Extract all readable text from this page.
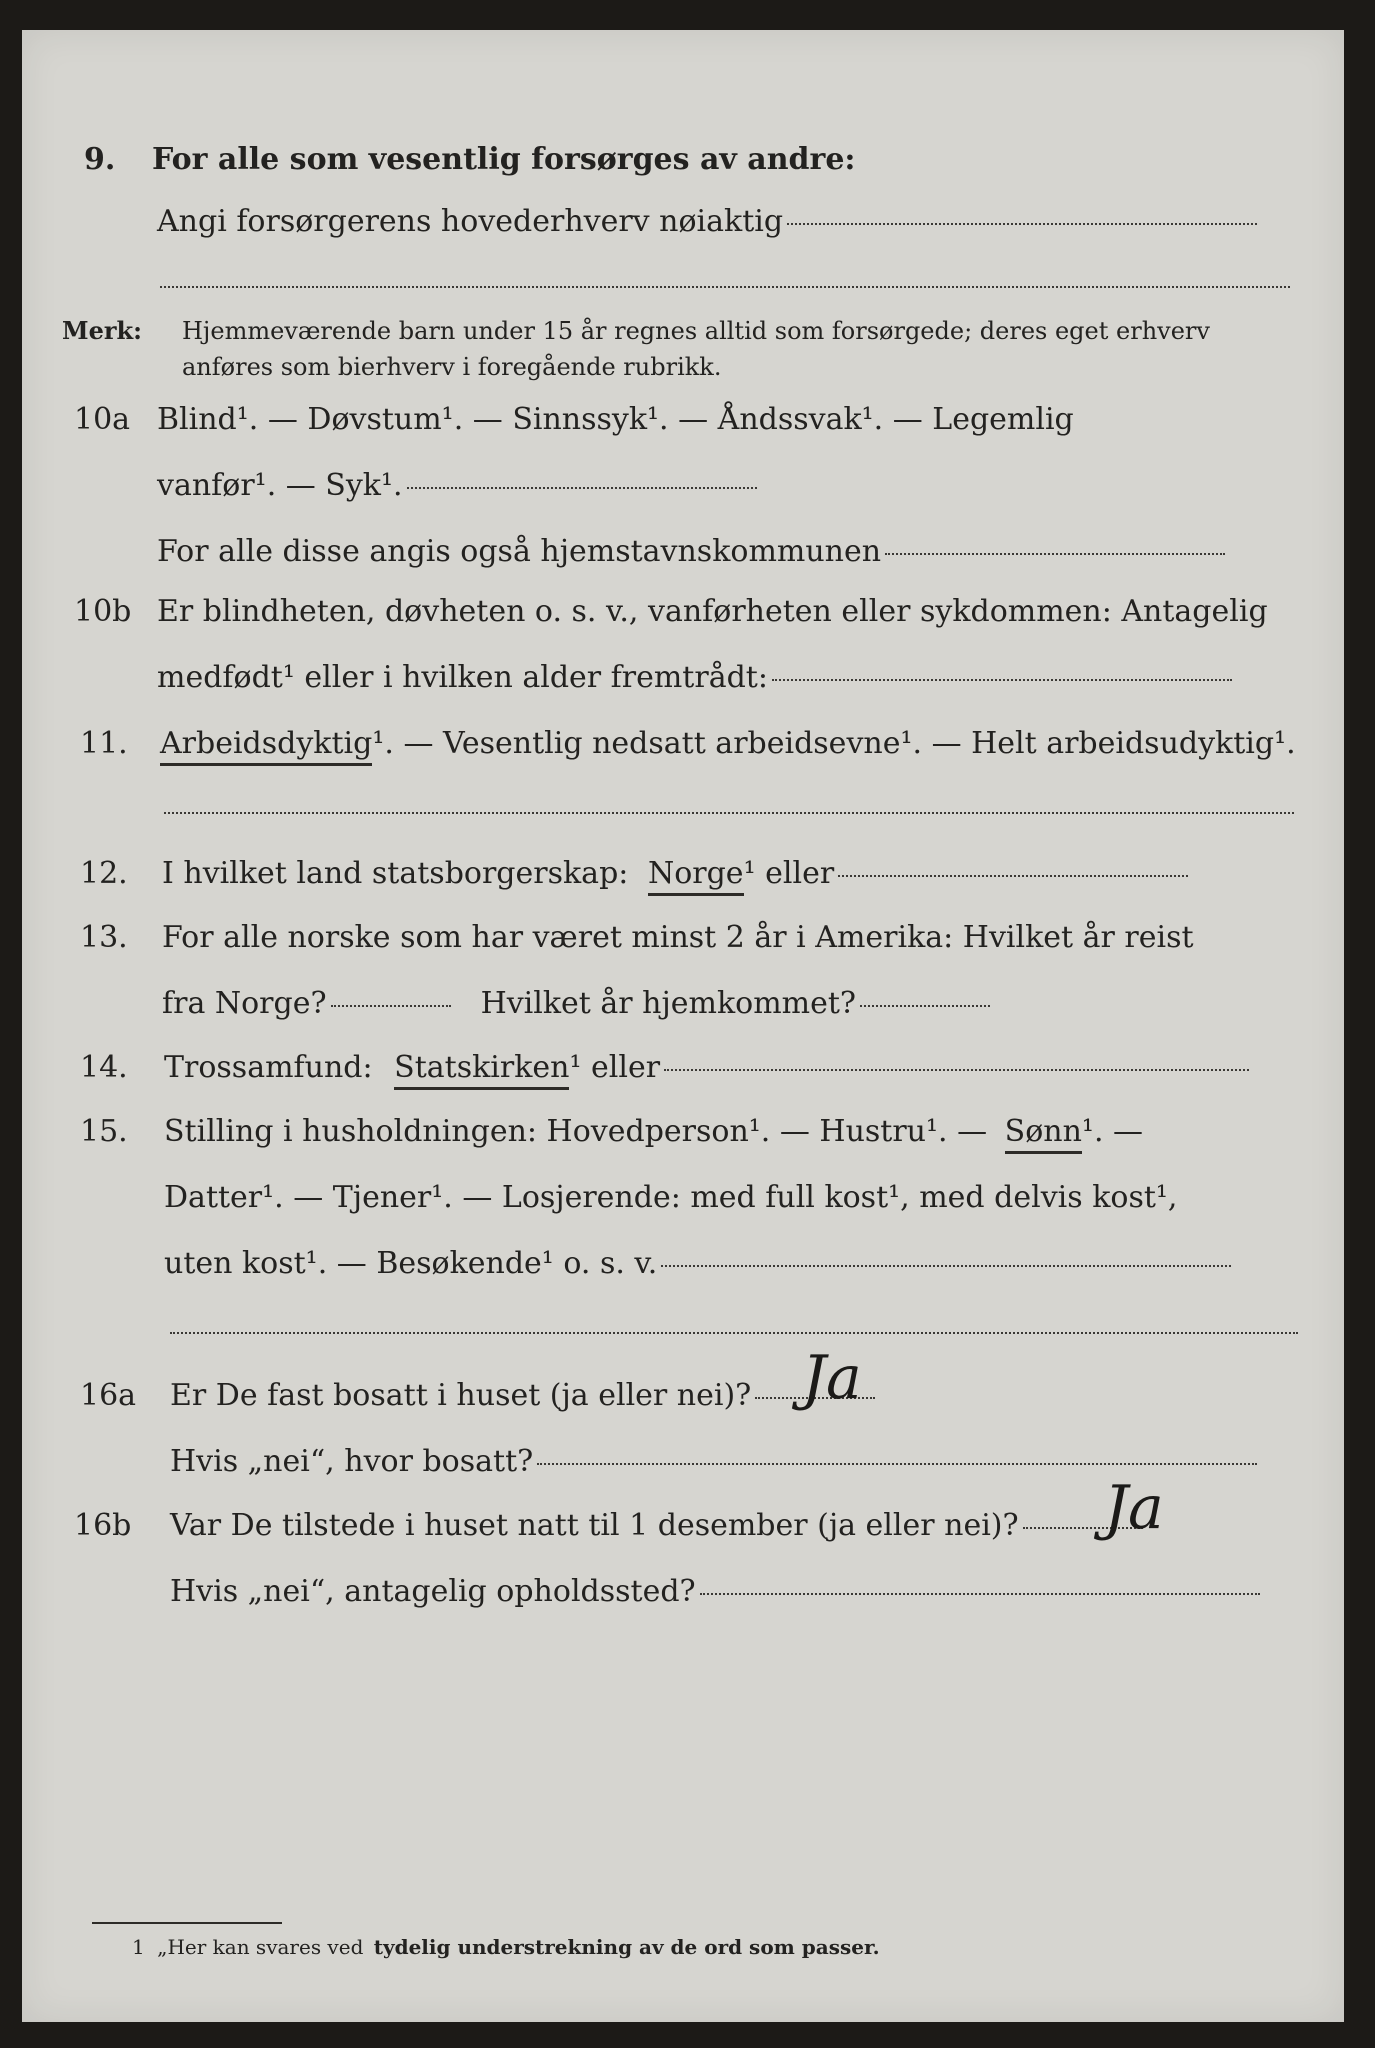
9. For alle som vesentlig forsørges av andre:
Angi forsørgerens hovederhverv nøiaktig
Merk: Hjemmeværende barn under 15 år regnes alltid som forsørgede; deres eget erhverv
anføres som bierhverv i foregående rubrikk.
10a Blind¹. — Døvstum¹. — Sinnssyk¹. — Åndssvak¹. — Legemlig
vanfør¹. — Syk¹.
For alle disse angis også hjemstavnskommunen
10b Er blindheten, døvheten o. s. v., vanførheten eller sykdommen: Antagelig
medfødt¹ eller i hvilken alder fremtrådt:
11. Arbeidsdyktig¹. — Vesentlig nedsatt arbeidsevne¹. — Helt arbeidsudyktig¹.
12. I hvilket land statsborgerskap: Norge¹ eller
13. For alle norske som har været minst 2 år i Amerika: Hvilket år reist
fra Norge?	Hvilket år hjemkommet?
14. Trossamfund: Statskirken¹ eller
15. Stilling i husholdningen: Hovedperson¹. — Hustru¹. — Sønn¹. —
Datter¹. — Tjener¹. — Losjerende: med full kost¹, med delvis kost¹,
uten kost¹. — Besøkende¹ o. s. v.
16a Er De fast bosatt i huset (ja eller nei)? Ja
Hvis „nei“, hvor bosatt?
16b Var De tilstede i huset natt til 1 desember (ja eller nei)?	Ja
Hvis „nei“, antagelig opholdssted?
1 „Her kan svares ved tydelig understrekning av de ord som passer.
